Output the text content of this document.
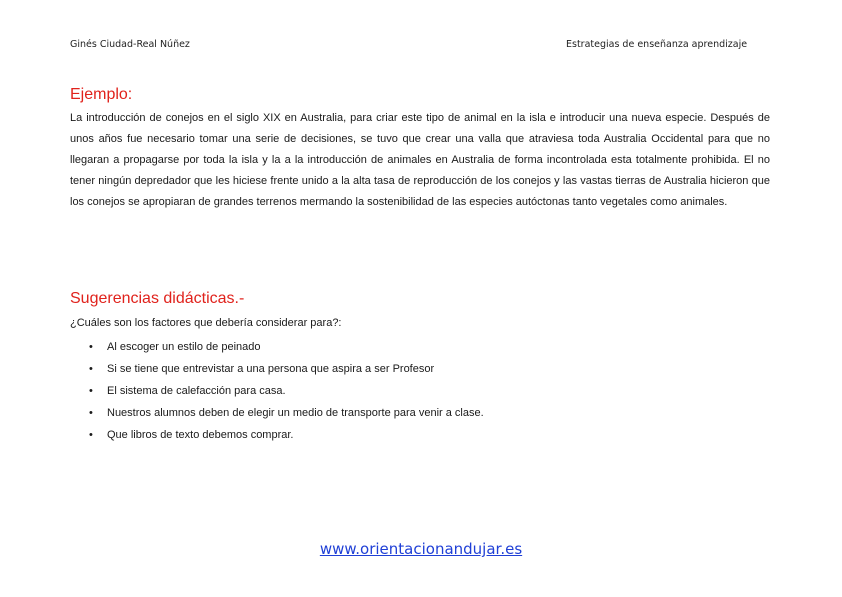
Ginés Ciudad-Real Núñez	Estrategias de enseñanza aprendizaje
Ejemplo:

La introducción de conejos en el siglo XIX en Australia, para criar este tipo de animal en la isla e introducir una nueva especie. Después de unos años fue necesario tomar una serie de decisiones, se tuvo que crear una valla que atraviesa toda Australia Occidental para que no llegaran a propagarse por toda la isla y la a la introducción de animales en Australia de forma incontrolada esta totalmente prohibida. El no tener ningún depredador que les hiciese frente unido a la alta tasa de reproducción de los conejos y las vastas tierras de Australia hicieron que los conejos se apropiaran de grandes terrenos mermando la sostenibilidad de las especies autóctonas tanto vegetales como animales.

Sugerencias didácticas.-

¿Cuáles son los factores que debería considerar para?:

• Al escoger un estilo de peinado
• Si se tiene que entrevistar a una persona que aspira a ser Profesor
• El sistema de calefacción para casa.
• Nuestros alumnos deben de elegir un medio de transporte para venir a clase.
• Que libros de texto debemos comprar.
www.orientacionandujar.es
